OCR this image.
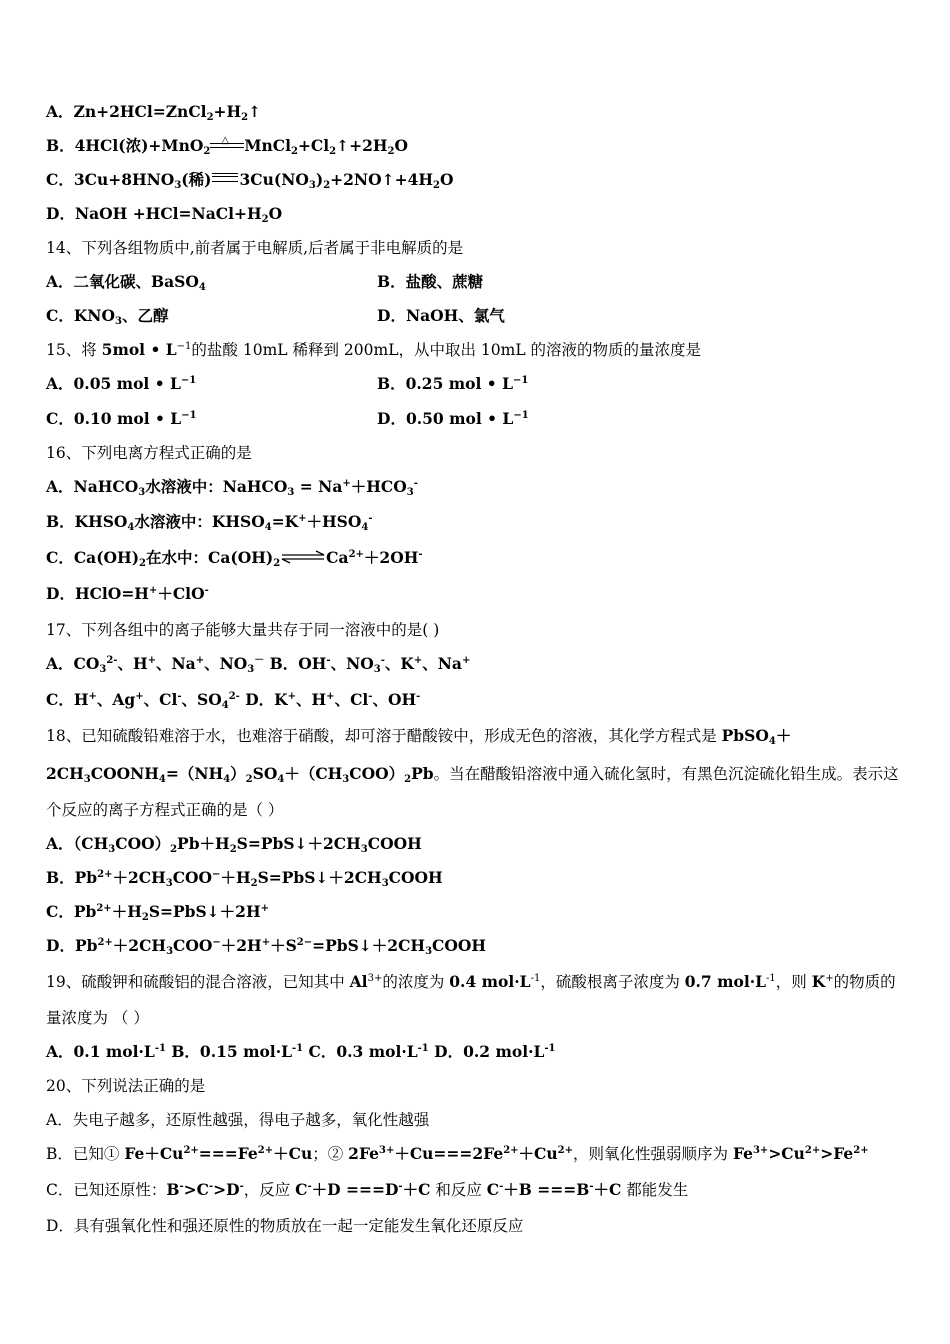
A．$Zn+2HCl=ZnCl_2+H_2↑$
B．4HCl(浓)+MnO$_2$
△ $MnCl_2+Cl_2↑+2H_2O$
C．$3Cu+8HNO_3$(稀) $3Cu(NO_3)_2+2NO↑+4H_2O$
D．NaOH $+HCl=NaCl+H_2O$
14、下列各组物质中,前者属于电解质,后者属于非电解质的是
A．二氧化碳、BaSO$_4$	B．盐酸、蔗糖
C．$KNO_3$、乙醇	D．NaOH、氯气
15、将 5mol • $L^{-1}$的盐酸 10mL 稀释到 200mL，从中取出 10mL 的溶液的物质的量浓度是
A．0.05 mol • $L^{-1}$	B．0.25 mol • $L^{-1}$
C．0.10 mol • $L^{-1}$	D．0.50 mol • $L^{-1}$
16、下列电离方程式正确的是
A．NaHCO$_3$水溶液中：NaHCO$_3$ = $Na^++HCO_3^-$
B．$KHSO_4$水溶液中：$KHSO_4=K^++HSO_4^-$
C．$Ca(OH)_2$在水中：$Ca(OH)_2\rightleftharpoons Ca^{2+}+2OH^-$
D．HClO=H+＋ClO-
17、下列各组中的离子能够大量共存于同一溶液中的是( )
A．$CO_3^{2-}$、H+、Na+、$NO_3^-$ B．OH-、$NO_3^-$、K+、Na+
C．H+、Ag+、Cl-、$SO_4^{2-}$ D．K+、H+、Cl-、OH-
18、已知硫酸铅难溶于水，也难溶于硝酸，却可溶于醋酸铵中，形成无色的溶液，其化学方程式是 PbSO$_4$＋
$2CH_3COONH_4=(NH_4)_2SO_4+(CH_3COO)_2Pb$。当在醋酸铅溶液中通入硫化氢时，有黑色沉淀硫化铅生成。表示这
个反应的离子方程式正确的是（ ）
A．$(CH_3COO)_2Pb+H_2S=PbS↓+2CH_3COOH$
B．$Pb^{2+}+2CH_3COO^-+H_2S=PbS↓+2CH_3COOH$
C．$Pb^{2+}+H_2S=PbS↓+2H^+$
D．$Pb^{2+}+2CH_3COO^-+2H^++S^{2-}=PbS↓+2CH_3COOH$
19、硫酸钾和硫酸铝的混合溶液，已知其中 $Al^{3+}$的浓度为 0.4 $mol\cdot L^{-1}$，硫酸根离子浓度为 0.7 $mol\cdot L^{-1}$，则 K+的物质的
量浓度为 （ ）
A．0.1 $mol\cdot L^{-1}$ B．0.15 $mol\cdot L^{-1}$ C．0.3 $mol\cdot L^{-1}$ D．0.2 $mol\cdot L^{-1}$
20、下列说法正确的是
A．失电子越多，还原性越强，得电子越多，氧化性越强
B．已知① $Fe+Cu^{2+}===Fe^{2+}+Cu$；② $2Fe^{3+}+Cu===2Fe^{2+}+Cu^{2+}$，则氧化性强弱顺序为 $Fe^{3+}>Cu^{2+}>Fe^{2+}$
C．已知还原性：B->C->D-，反应 C-＋D ===D-＋C 和反应 C-＋B ===B-＋C 都能发生
D．具有强氧化性和强还原性的物质放在一起一定能发生氧化还原反应
